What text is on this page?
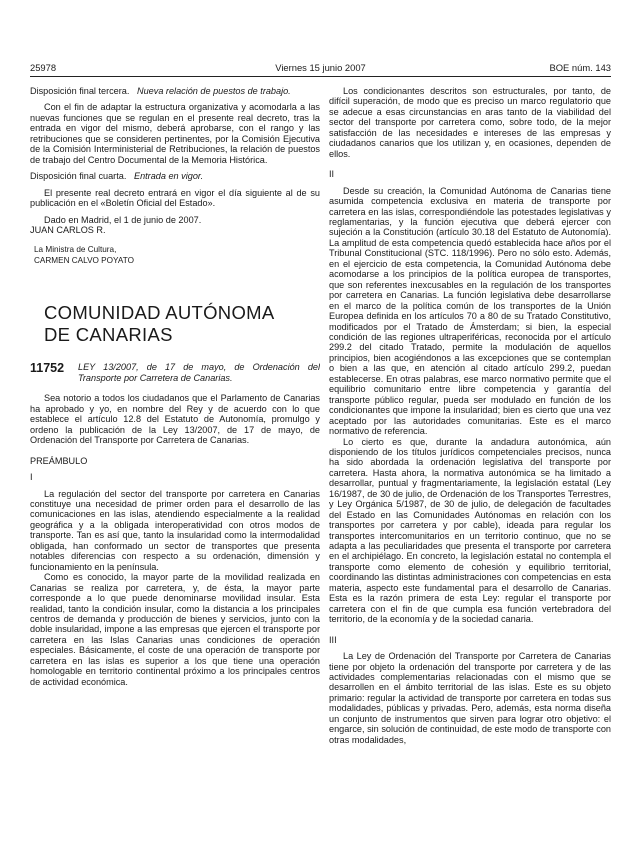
25978	Viernes 15 junio 2007	BOE núm. 143

Disposición final tercera. Nueva relación de puestos de trabajo.

Con el fin de adaptar la estructura organizativa y acomodarla a las nuevas funciones que se regulan en el presente real decreto, tras la entrada en vigor del mismo, deberá aprobarse, con el rango y las retribuciones que se consideren pertinentes, por la Comisión Ejecutiva de la Comisión Interministerial de Retribuciones, la relación de puestos de trabajo del Centro Documental de la Memoria Histórica.

Disposición final cuarta. Entrada en vigor.

El presente real decreto entrará en vigor el día siguiente al de su publicación en el «Boletín Oficial del Estado».

Dado en Madrid, el 1 de junio de 2007.

JUAN CARLOS R.

La Ministra de Cultura,

CARMEN CALVO POYATO

COMUNIDAD AUTÓNOMA

DE CANARIAS

11752	LEY 13/2007, de 17 de mayo, de Ordenación del Transporte por Carretera de Canarias.

Sea notorio a todos los ciudadanos que el Parlamento de Canarias ha aprobado y yo, en nombre del Rey y de acuerdo con lo que establece el artículo 12.8 del Estatuto de Autonomía, promulgo y ordeno la publicación de la Ley 13/2007, de 17 de mayo, de Ordenación del Transporte por Carretera de Canarias.

PREÁMBULO

I

La regulación del sector del transporte por carretera en Canarias constituye una necesidad de primer orden para el desarrollo de las comunicaciones en las islas, atendiendo especialmente a la realidad geográfica y a la obligada interoperatividad con otros modos de transporte. Tan es así que, tanto la insularidad como la intermodalidad obligada, han conformado un sector de transportes que presenta notables diferencias con respecto a su ordenación, dimensión y funcionamiento en la península.

Como es conocido, la mayor parte de la movilidad realizada en Canarias se realiza por carretera, y, de ésta, la mayor parte corresponde a lo que puede denominarse movilidad insular. Esta realidad, tanto la condición insular, como la distancia a los principales centros de demanda y producción de bienes y servicios, junto con la doble insularidad, impone a las empresas que ejercen el transporte por carretera en las Islas Canarias unas condiciones de operación especiales. Básicamente, el coste de una operación de transporte por carretera en las islas es superior a los que tiene una operación homologable en territorio continental próximo a los principales centros de actividad económica.

Los condicionantes descritos son estructurales, por tanto, de difícil superación, de modo que es preciso un marco regulatorio que se adecue a esas circunstancias en aras tanto de la viabilidad del sector del transporte por carretera como, sobre todo, de la mejor satisfacción de las necesidades e intereses de las empresas y ciudadanos canarios que los utilizan y, en ocasiones, dependen de ellos.

II

Desde su creación, la Comunidad Autónoma de Canarias tiene asumida competencia exclusiva en materia de transporte por carretera en las islas, correspondiéndole las potestades legislativas y reglamentarias, y la función ejecutiva que deberá ejercer con sujeción a la Constitución (artículo 30.18 del Estatuto de Autonomía). La amplitud de esta competencia quedó establecida hace años por el Tribunal Constitucional (STC. 118/1996). Pero no sólo esto. Además, en el ejercicio de esta competencia, la Comunidad Autónoma debe acomodarse a los principios de la política europea de transportes, que son referentes inexcusables en la regulación de los transportes por carretera en Canarias. La función legislativa debe desarrollarse en el marco de la política común de los transportes de la Unión Europea definida en los artículos 70 a 80 de su Tratado Constitutivo, modificados por el Tratado de Ámsterdam; si bien, la especial condición de las regiones ultraperiféricas, reconocida por el artículo 299.2 del citado Tratado, permite la modulación de aquellos principios, bien acogiéndonos a las excepciones que se contemplan o bien a las que, en atención al citado artículo 299.2, puedan establecerse. En otras palabras, ese marco normativo permite que el equilibrio comunitario entre libre competencia y garantía del transporte público regular, pueda ser modulado en función de los condicionantes que impone la insularidad; bien es cierto que una vez aceptado por las autoridades comunitarias. Este es el marco normativo de referencia.

Lo cierto es que, durante la andadura autonómica, aún disponiendo de los títulos jurídicos competenciales precisos, nunca ha sido abordada la ordenación legislativa del transporte por carretera. Hasta ahora, la normativa autonómica se ha limitado a desarrollar, puntual y fragmentariamente, la legislación estatal (Ley 16/1987, de 30 de julio, de Ordenación de los Transportes Terrestres, y Ley Orgánica 5/1987, de 30 de julio, de delegación de facultades del Estado en las Comunidades Autónomas en relación con los transportes por carretera y por cable), ideada para regular los transportes intercomunitarios en un territorio continuo, que no se adapta a las peculiaridades que presenta el transporte por carretera en el archipiélago. En concreto, la legislación estatal no contempla el transporte como elemento de cohesión y equilibrio territorial, coordinando las distintas administraciones con competencias en esta materia, aspecto este fundamental para el desarrollo de Canarias. Esta es la razón primera de esta Ley: regular el transporte por carretera con el fin de que cumpla esa función vertebradora del territorio, de la economía y de la sociedad canaria.

III

La Ley de Ordenación del Transporte por Carretera de Canarias tiene por objeto la ordenación del transporte por carretera y de las actividades complementarias relacionadas con el mismo que se desarrollen en el ámbito territorial de las islas. Este es su objeto primario: regular la actividad de transporte por carretera en todas sus modalidades, públicas y privadas. Pero, además, esta norma diseña un conjunto de instrumentos que sirven para lograr otro objetivo: el engarce, sin solución de continuidad, de este modo de transporte con otras modalidades,
